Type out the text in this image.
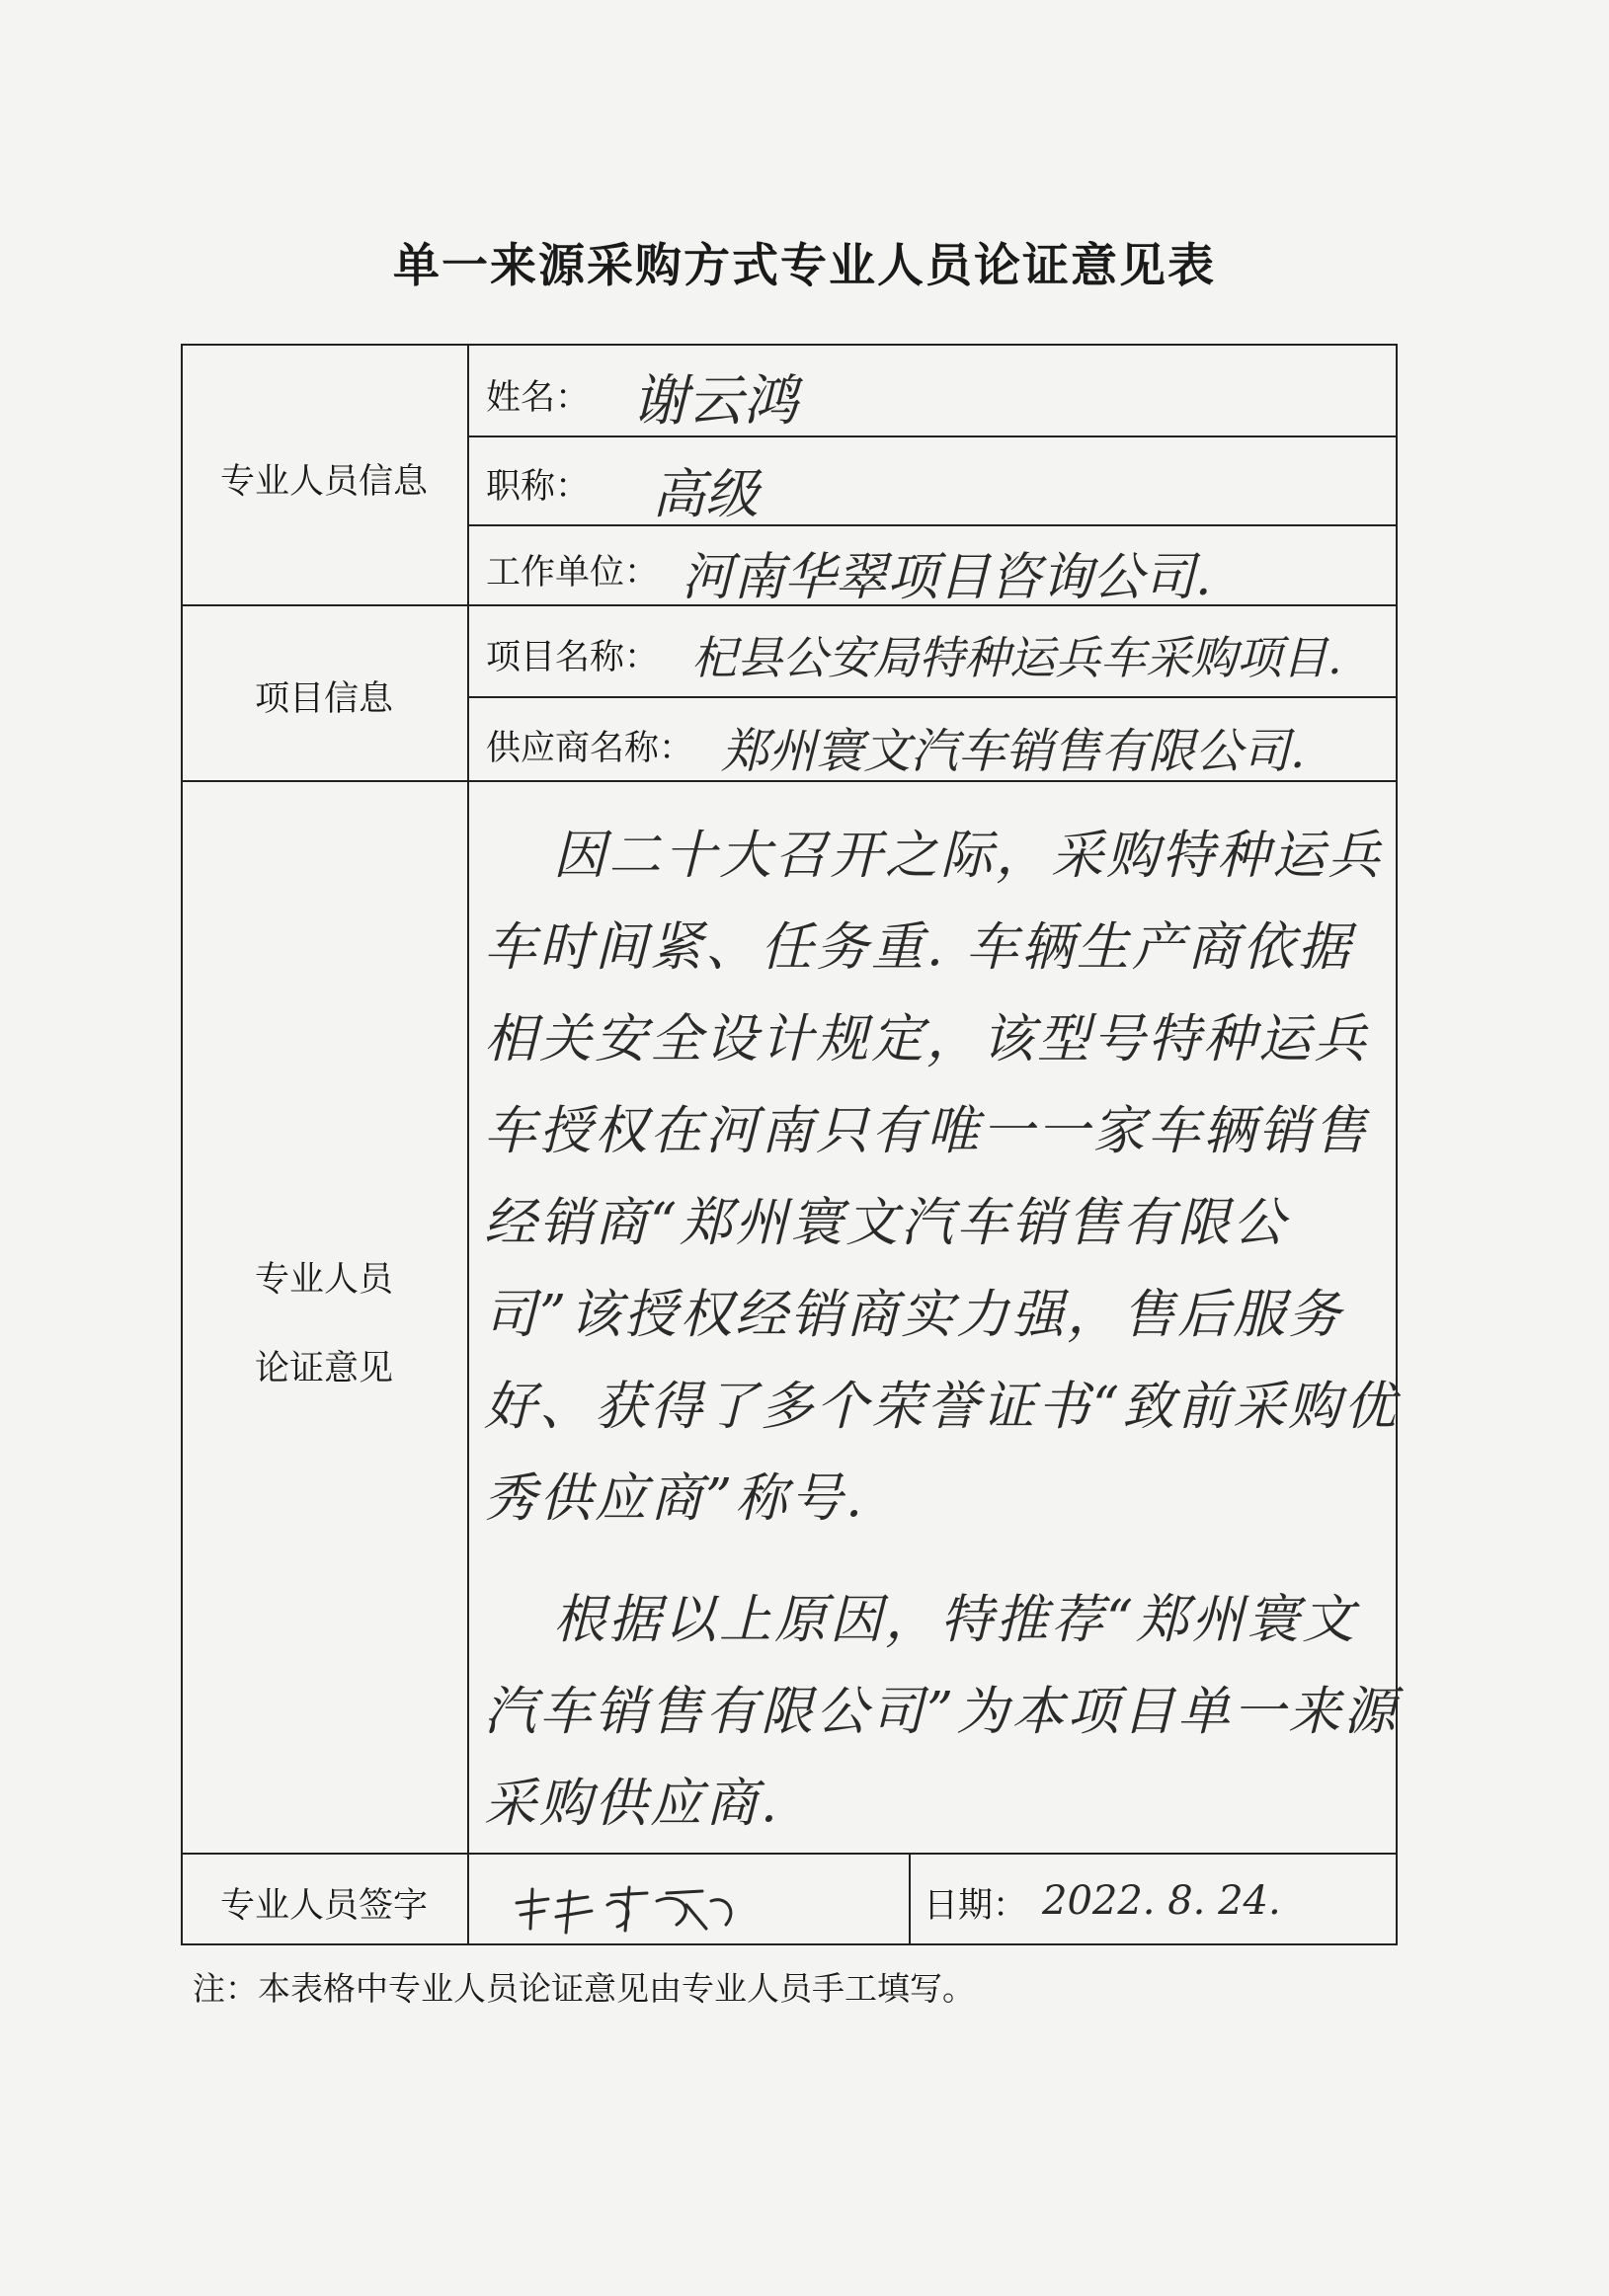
单一来源采购方式专业人员论证意见表
专业人员信息
项目信息
专业人员
论证意见
专业人员签字
姓名： 谢云鸿
职称： 高级
工作单位： 河南华翠项目咨询公司.
项目名称： 杞县公安局特种运兵车采购项目.
供应商名称： 郑州寰文汽车销售有限公司.

因二十大召开之际，采购特种运兵车时间紧、任务重. 车辆生产商依据相关安全设计规定，该型号特种运兵车授权在河南只有唯一一家车辆销售经销商“郑州寰文汽车销售有限公司”该授权经销商实力强，售后服务好、获得了多个荣誉证书“致前采购优秀供应商”称号.

根据以上原因，特推荐“郑州寰文汽车销售有限公司”为本项目单一来源采购供应商.

日期： 2022. 8. 24.
注：本表格中专业人员论证意见由专业人员手工填写。
